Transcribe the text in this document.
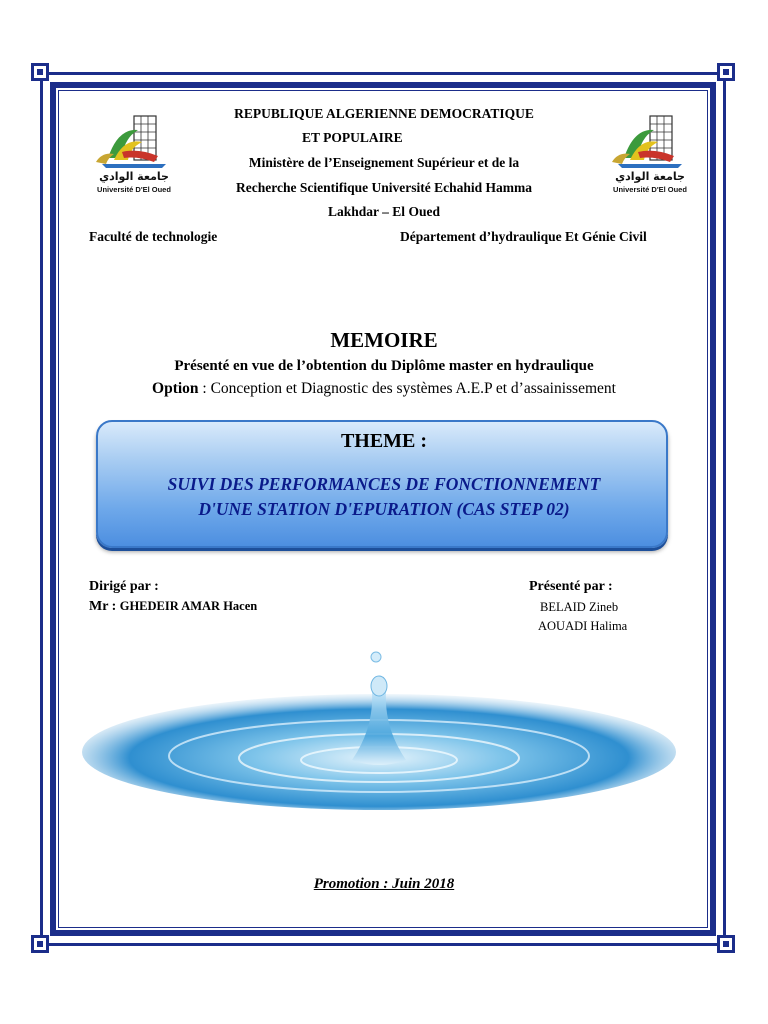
جامعة الوادي
Université D'El Oued
جامعة الوادي
Université D'El Oued
REPUBLIQUE ALGERIENNE DEMOCRATIQUE
ET POPULAIRE
Ministère de l’Enseignement Supérieur et de la
Recherche Scientifique Université Echahid Hamma
Lakhdar – El Oued
Faculté de technologie	Département d’hydraulique Et Génie Civil
MEMOIRE
Présenté en vue de l’obtention du Diplôme master en hydraulique
Option : Conception et Diagnostic des systèmes A.E.P et d’assainissement
THEME :
SUIVI DES PERFORMANCES DE FONCTIONNEMENT
D'UNE STATION D'EPURATION (CAS STEP 02)
Dirigé par :
Mr : GHEDEIR AMAR Hacen
Présenté par :
BELAID Zineb
AOUADI Halima
Promotion : Juin 2018
